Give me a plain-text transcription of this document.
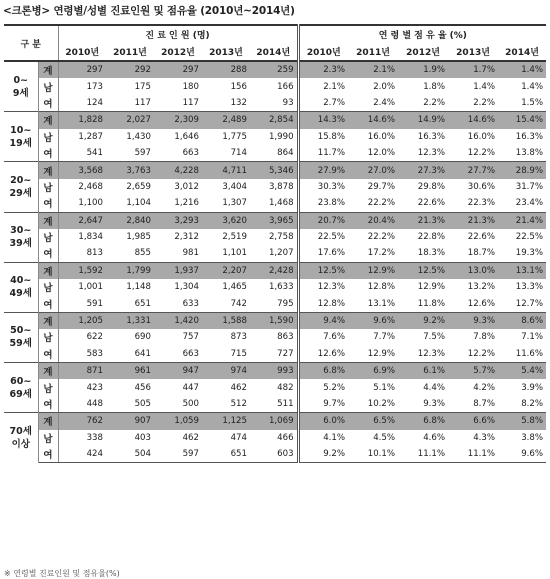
<크론병> 연령별/성별 진료인원 및 점유율 (2010년~2014년)
구 분		진 료 인 원 (명)					연 령 별 점 유 율 (%)				
		2010년	2011년	2012년	2013년	2014년	2010년	2011년	2012년	2013년	2014년
0~
9세	계	297	292	297	288	259	2.3%	2.1%	1.9%	1.7%	1.4%
	남	173	175	180	156	166	2.1%	2.0%	1.8%	1.4%	1.4%
	여	124	117	117	132	93	2.7%	2.4%	2.2%	2.2%	1.5%
10~
19세	계	1,828	2,027	2,309	2,489	2,854	14.3%	14.6%	14.9%	14.6%	15.4%
	남	1,287	1,430	1,646	1,775	1,990	15.8%	16.0%	16.3%	16.0%	16.3%
	여	541	597	663	714	864	11.7%	12.0%	12.3%	12.2%	13.8%
20~
29세	계	3,568	3,763	4,228	4,711	5,346	27.9%	27.0%	27.3%	27.7%	28.9%
	남	2,468	2,659	3,012	3,404	3,878	30.3%	29.7%	29.8%	30.6%	31.7%
	여	1,100	1,104	1,216	1,307	1,468	23.8%	22.2%	22.6%	22.3%	23.4%
30~
39세	계	2,647	2,840	3,293	3,620	3,965	20.7%	20.4%	21.3%	21.3%	21.4%
	남	1,834	1,985	2,312	2,519	2,758	22.5%	22.2%	22.8%	22.6%	22.5%
	여	813	855	981	1,101	1,207	17.6%	17.2%	18.3%	18.7%	19.3%
40~
49세	계	1,592	1,799	1,937	2,207	2,428	12.5%	12.9%	12.5%	13.0%	13.1%
	남	1,001	1,148	1,304	1,465	1,633	12.3%	12.8%	12.9%	13.2%	13.3%
	여	591	651	633	742	795	12.8%	13.1%	11.8%	12.6%	12.7%
50~
59세	계	1,205	1,331	1,420	1,588	1,590	9.4%	9.6%	9.2%	9.3%	8.6%
	남	622	690	757	873	863	7.6%	7.7%	7.5%	7.8%	7.1%
	여	583	641	663	715	727	12.6%	12.9%	12.3%	12.2%	11.6%
60~
69세	계	871	961	947	974	993	6.8%	6.9%	6.1%	5.7%	5.4%
	남	423	456	447	462	482	5.2%	5.1%	4.4%	4.2%	3.9%
	여	448	505	500	512	511	9.7%	10.2%	9.3%	8.7%	8.2%
70세
이상	계	762	907	1,059	1,125	1,069	6.0%	6.5%	6.8%	6.6%	5.8%
	남	338	403	462	474	466	4.1%	4.5%	4.6%	4.3%	3.8%
	여	424	504	597	651	603	9.2%	10.1%	11.1%	11.1%	9.6%
※ 연령별 진료인원 및 점유율(%)
